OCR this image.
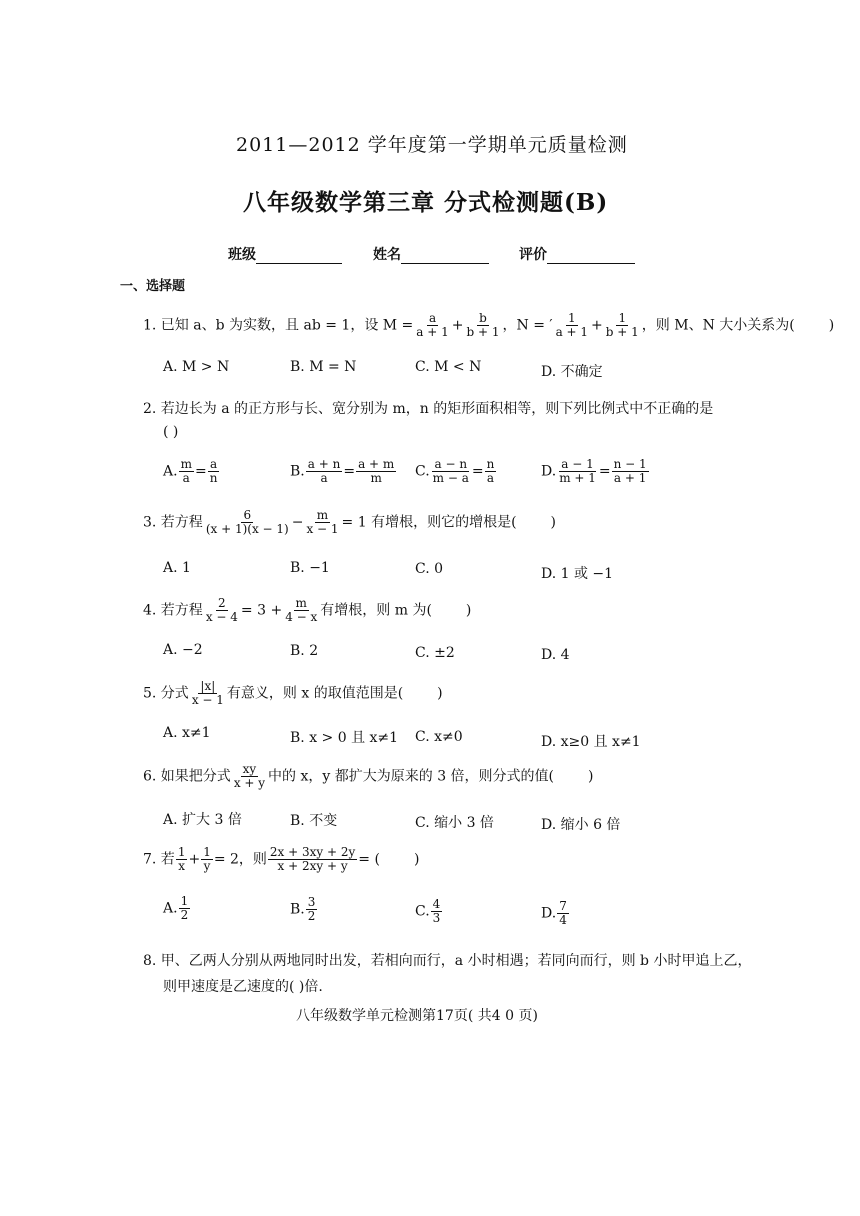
2011—2012 学年度第一学期单元质量检测
八年级数学第三章 分式检测题(B)
班级	姓名	评价
一、选择题
1. 已知 a、b 为实数，且 ab = 1，设 $M = \frac{a}{a + 1} + \frac{b}{b + 1}$ ，N = ′ $\frac{1}{a + 1} + \frac{1}{b + 1}$ ，则 M、N 大小关系为( )
A. M > N	B. M = N	C. M < N	D. 不确定
2. 若边长为 a 的正方形与长、宽分别为 m，n 的矩形面积相等，则下列比例式中不正确的是
( )
A. $\frac{m}{a} = \frac{a}{n}$	B. $\frac{a + n}{a} = \frac{a + m}{m} C$. $\frac{a - n}{m - a} = \frac{n}{a}$	D. $\frac{a - 1}{m + 1} = \frac{n - 1}{a + 1}$
3. 若方程 $\frac{6}{(x + 1)(x - 1)} - \frac{m}{x - 1} = 1$ 有增根，则它的增根是( )
A. 1	B. −1	C. 0	D. 1 或 −1
4. 若方程 $\frac{2}{x - 4} = 3 + \frac{m}{4 - x}$ 有增根，则 m 为( )
A. −2	B. 2	C. ±2	D. 4
5. 分式 $\frac{|x|}{x - 1}$ 有意义，则 x 的取值范围是( )
A. x≠1	B. x > 0 且 x≠1 C. x≠0	D. x≥0 且 x≠1
6. 如果把分式 $\frac{xy}{x + y}$ 中的 x，y 都扩大为原来的 3 倍，则分式的值( )
A. 扩大 3 倍	B. 不变	C. 缩小 3 倍	D. 缩小 6 倍
7. 若 $\frac{1}{x} + \frac{1}{y} = 2$，则 $\frac{2x + 3xy + 2y}{x + 2xy + y}$ = ( )
A. $\frac{1}{2}$	B. $\frac{3}{2}$	C. $\frac{4}{3}$	D. $\frac{7}{4}$
8. 甲、乙两人分别从两地同时出发，若相向而行，a 小时相遇；若同向而行，则 b 小时甲追上乙，
则甲速度是乙速度的( )倍.
八年级数学单元检测第17页( 共4 0 页)
